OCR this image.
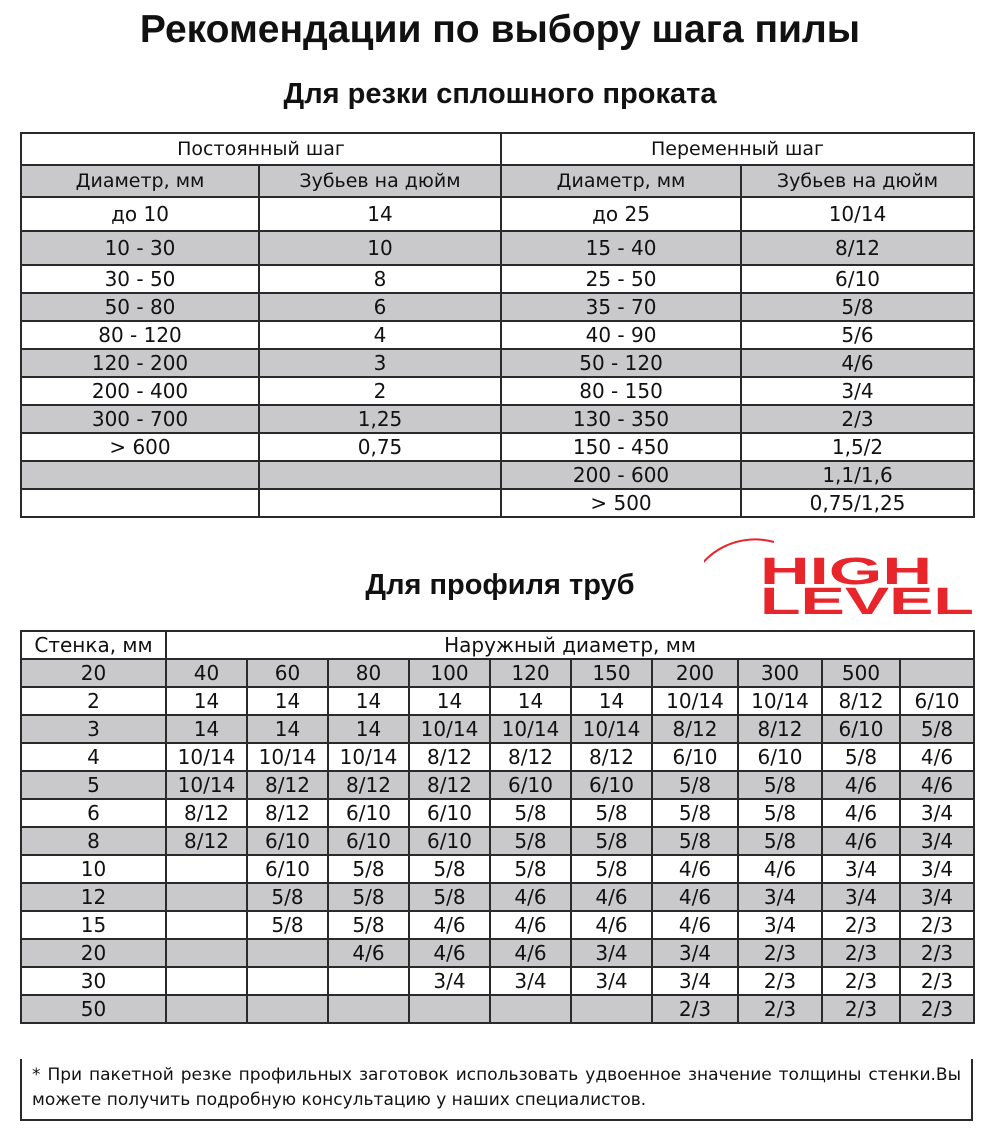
Рекомендации по выбору шага пилы
Для резки сплошного проката
Постоянный шаг		Переменный шаг	
Диаметр, мм	Зубьев на дюйм	Диаметр, мм	Зубьев на дюйм
до 10	14	до 25	10/14
10 - 30	10	15 - 40	8/12
30 - 50	8	25 - 50	6/10
50 - 80	6	35 - 70	5/8
80 - 120	4	40 - 90	5/6
120 - 200	3	50 - 120	4/6
200 - 400	2	80 - 150	3/4
300 - 700	1,25	130 - 350	2/3
> 600	0,75	150 - 450	1,5/2
		200 - 600	1,1/1,6
		> 500	0,75/1,25
Для профиля труб	HIGH
LEVEL
Стенка, мм	Наружный диаметр, мм									
20	40	60	80	100	120	150	200	300	500	
2	14	14	14	14	14	14	10/14	10/14	8/12	6/10
3	14	14	14	10/14	10/14	10/14	8/12	8/12	6/10	5/8
4	10/14	10/14	10/14	8/12	8/12	8/12	6/10	6/10	5/8	4/6
5	10/14	8/12	8/12	8/12	6/10	6/10	5/8	5/8	4/6	4/6
6	8/12	8/12	6/10	6/10	5/8	5/8	5/8	5/8	4/6	3/4
8	8/12	6/10	6/10	6/10	5/8	5/8	5/8	5/8	4/6	3/4
10		6/10	5/8	5/8	5/8	5/8	4/6	4/6	3/4	3/4
12		5/8	5/8	5/8	4/6	4/6	4/6	3/4	3/4	3/4
15		5/8	5/8	4/6	4/6	4/6	4/6	3/4	2/3	2/3
20			4/6	4/6	4/6	3/4	3/4	2/3	2/3	2/3
30				3/4	3/4	3/4	3/4	2/3	2/3	2/3
50							2/3	2/3	2/3	2/3
* При пакетной резке профильных заготовок использовать удвоенное значение толщины стенки.Вы можете получить подробную консультацию у наших специалистов.
